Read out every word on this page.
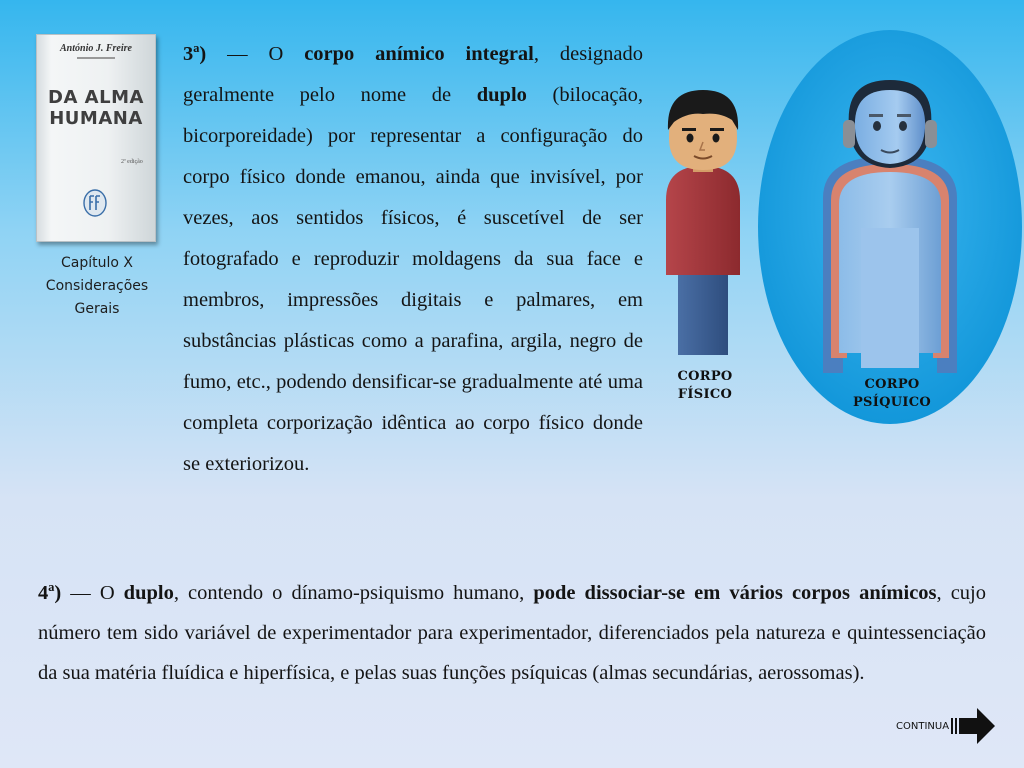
António J. Freire
DA ALMA
HUMANA
2ª edição
Capítulo X
Considerações
Gerais
3ª) — O corpo anímico integral, designado geralmente pelo nome de duplo (bilocação, bicorporeidade) por representar a configuração do corpo físico donde emanou, ainda que invisível, por vezes, aos sentidos físicos, é suscetível de ser fotografado e reproduzir moldagens da sua face e membros, impressões digitais e palmares, em substâncias plásticas como a parafina, argila, negro de fumo, etc., podendo densificar-se gradualmente até uma completa corporização idêntica ao corpo físico donde se exteriorizou.
CORPO
FÍSICO
CORPO
PSÍQUICO
4ª) — O duplo, contendo o dínamo-psiquismo humano, pode dissociar-se em vários corpos anímicos, cujo número tem sido variável de experimentador para experimentador, diferenciados pela natureza e quintessenciação da sua matéria fluídica e hiperfísica, e pelas suas funções psíquicas (almas secundárias, aerossomas).
CONTINUA
